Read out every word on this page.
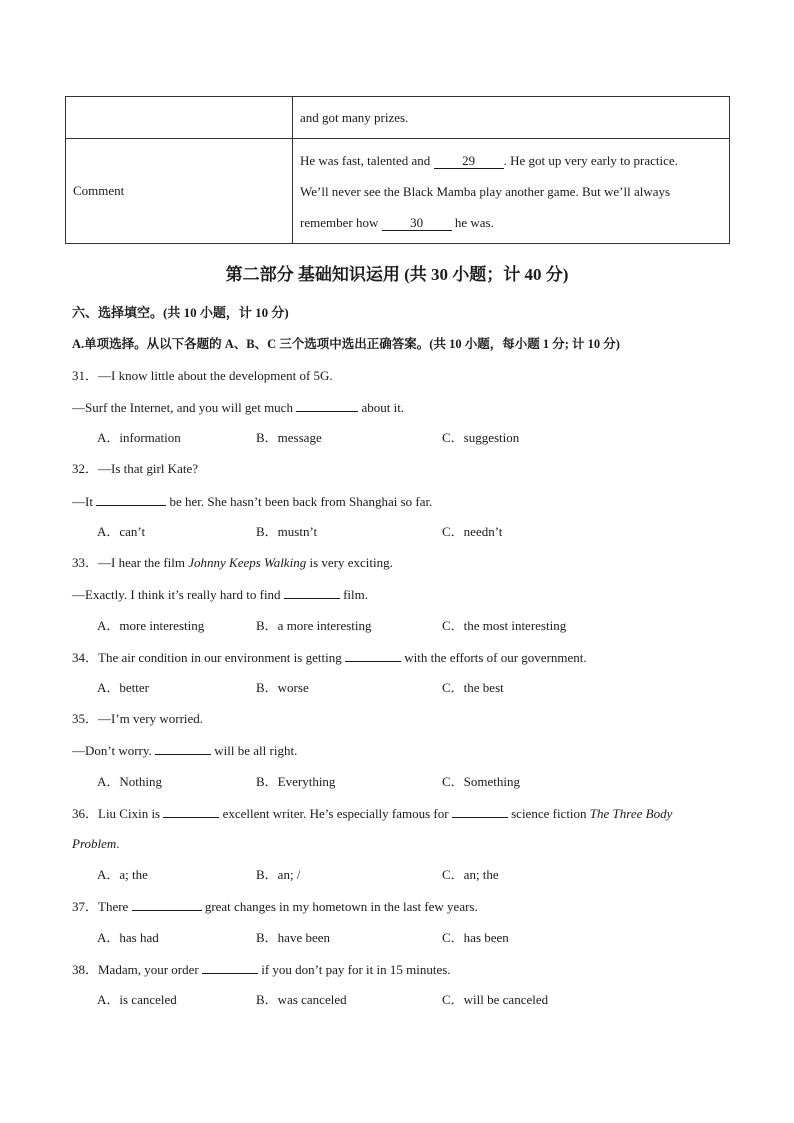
	and got many prizes.
Comment	He was fast, talented and 29 . He got up very early to practice.
We’ll never see the Black Mamba play another game. But we’ll always
remember how 30 he was.
第二部分 基础知识运用 (共 30 小题；计 40 分)
六、选择填空。(共 10 小题，计 10 分)
A.单项选择。从以下各题的 A、B、C 三个选项中选出正确答案。(共 10 小题，每小题 1 分; 计 10 分)
31．—I know little about the development of 5G.
—Surf the Internet, and you will get much	about it.
A．information	B．message	C．suggestion
32．—Is that girl Kate?
—It	be her. She hasn’t been back from Shanghai so far.
A．can’t	B．mustn’t	C．needn’t
33．—I hear the film Johnny Keeps Walking is very exciting.
—Exactly. I think it’s really hard to find	film.
A．more interesting	B．a more interesting	C．the most interesting
34．The air condition in our environment is getting	with the efforts of our government.
A．better	B．worse	C．the best
35．—I’m very worried.
—Don’t worry.	will be all right.
A．Nothing	B．Everything	C．Something
36．Liu Cixin is	excellent writer. He’s especially famous for	science fiction The Three Body
Problem.
A．a; the	B．an; /	C．an; the
37．There	great changes in my hometown in the last few years.
A．has had	B．have been	C．has been
38．Madam, your order	if you don’t pay for it in 15 minutes.
A．is canceled	B．was canceled	C．will be canceled
